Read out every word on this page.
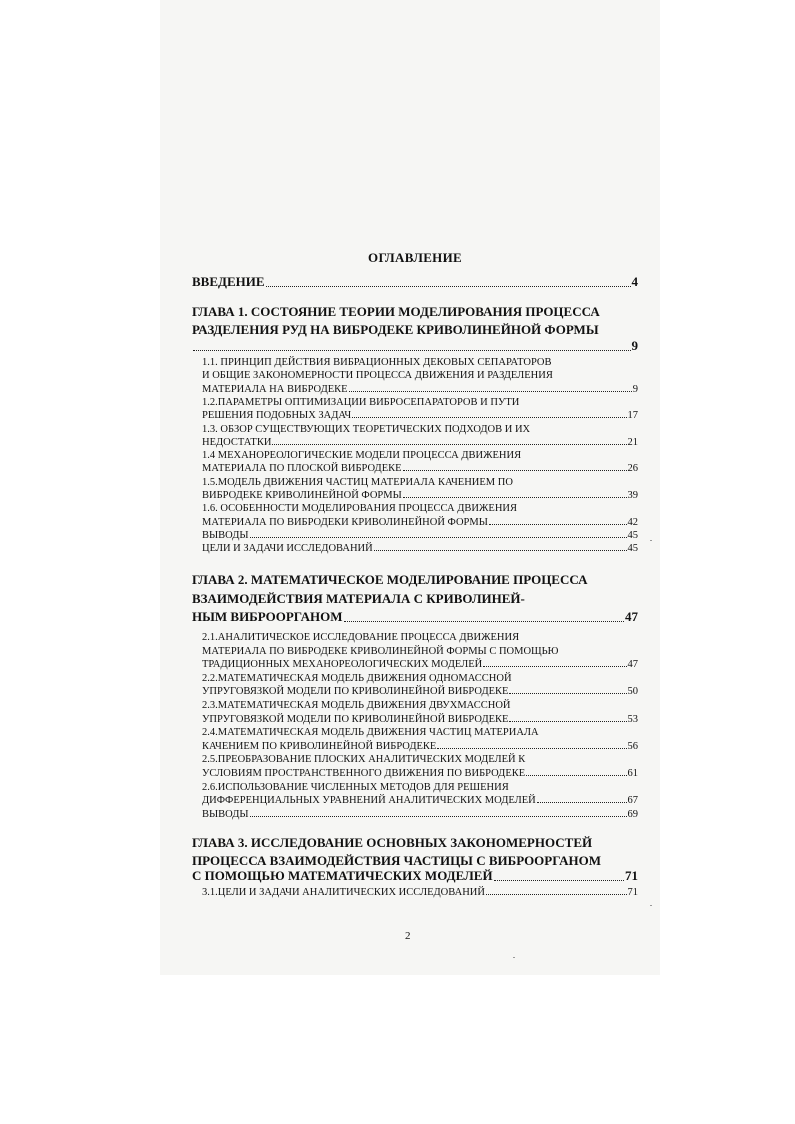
ОГЛАВЛЕНИЕ
ВВЕДЕНИЕ	4
ГЛАВА 1. СОСТОЯНИЕ ТЕОРИИ МОДЕЛИРОВАНИЯ ПРОЦЕССА
РАЗДЕЛЕНИЯ РУД НА ВИБРОДЕКЕ КРИВОЛИНЕЙНОЙ ФОРМЫ
9
1.1. ПРИНЦИП ДЕЙСТВИЯ ВИБРАЦИОННЫХ ДЕКОВЫХ СЕПАРАТОРОВ
И ОБЩИЕ ЗАКОНОМЕРНОСТИ ПРОЦЕССА ДВИЖЕНИЯ И РАЗДЕЛЕНИЯ
МАТЕРИАЛА НА ВИБРОДЕКЕ	9
1.2.ПАРАМЕТРЫ ОПТИМИЗАЦИИ ВИБРОСЕПАРАТОРОВ И ПУТИ
РЕШЕНИЯ ПОДОБНЫХ ЗАДАЧ	17
1.3. ОБЗОР СУЩЕСТВУЮЩИХ ТЕОРЕТИЧЕСКИХ ПОДХОДОВ И ИХ
НЕДОСТАТКИ	21
1.4 МЕХАНОРЕОЛОГИЧЕСКИЕ МОДЕЛИ ПРОЦЕССА ДВИЖЕНИЯ
МАТЕРИАЛА ПО ПЛОСКОЙ ВИБРОДЕКЕ	26
1.5.МОДЕЛЬ ДВИЖЕНИЯ ЧАСТИЦ МАТЕРИАЛА КАЧЕНИЕМ ПО
ВИБРОДЕКЕ КРИВОЛИНЕЙНОЙ ФОРМЫ	39
1.6. ОСОБЕННОСТИ МОДЕЛИРОВАНИЯ ПРОЦЕССА ДВИЖЕНИЯ
МАТЕРИАЛА ПО ВИБРОДЕКИ КРИВОЛИНЕЙНОЙ ФОРМЫ	42
ВЫВОДЫ	45
ЦЕЛИ И ЗАДАЧИ ИССЛЕДОВАНИЙ	45
ГЛАВА 2. МАТЕМАТИЧЕСКОЕ МОДЕЛИРОВАНИЕ ПРОЦЕССА
ВЗАИМОДЕЙСТВИЯ МАТЕРИАЛА С КРИВОЛИНЕЙ-
НЫМ ВИБРООРГАНОМ	47
2.1.АНАЛИТИЧЕСКОЕ ИССЛЕДОВАНИЕ ПРОЦЕССА ДВИЖЕНИЯ
МАТЕРИАЛА ПО ВИБРОДЕКЕ КРИВОЛИНЕЙНОЙ ФОРМЫ С ПОМОЩЬЮ
ТРАДИЦИОННЫХ МЕХАНОРЕОЛОГИЧЕСКИХ МОДЕЛЕЙ	47
2.2.МАТЕМАТИЧЕСКАЯ МОДЕЛЬ ДВИЖЕНИЯ ОДНОМАССНОЙ
УПРУГОВЯЗКОЙ МОДЕЛИ ПО КРИВОЛИНЕЙНОЙ ВИБРОДЕКЕ	50
2.3.МАТЕМАТИЧЕСКАЯ МОДЕЛЬ ДВИЖЕНИЯ ДВУХМАССНОЙ
УПРУГОВЯЗКОЙ МОДЕЛИ ПО КРИВОЛИНЕЙНОЙ ВИБРОДЕКЕ	53
2.4.МАТЕМАТИЧЕСКАЯ МОДЕЛЬ ДВИЖЕНИЯ ЧАСТИЦ МАТЕРИАЛА
КАЧЕНИЕМ ПО КРИВОЛИНЕЙНОЙ ВИБРОДЕКЕ	56
2.5.ПРЕОБРАЗОВАНИЕ ПЛОСКИХ АНАЛИТИЧЕСКИХ МОДЕЛЕЙ К
УСЛОВИЯМ ПРОСТРАНСТВЕННОГО ДВИЖЕНИЯ ПО ВИБРОДЕКЕ	61
2.6.ИСПОЛЬЗОВАНИЕ ЧИСЛЕННЫХ МЕТОДОВ ДЛЯ РЕШЕНИЯ
ДИФФЕРЕНЦИАЛЬНЫХ УРАВНЕНИЙ АНАЛИТИЧЕСКИХ МОДЕЛЕЙ	67
ВЫВОДЫ	69
ГЛАВА 3. ИССЛЕДОВАНИЕ ОСНОВНЫХ ЗАКОНОМЕРНОСТЕЙ
ПРОЦЕССА ВЗАИМОДЕЙСТВИЯ ЧАСТИЦЫ С ВИБРООРГАНОМ
С ПОМОЩЬЮ МАТЕМАТИЧЕСКИХ МОДЕЛЕЙ	71
3.1.ЦЕЛИ И ЗАДАЧИ АНАЛИТИЧЕСКИХ ИССЛЕДОВАНИЙ	71
2
